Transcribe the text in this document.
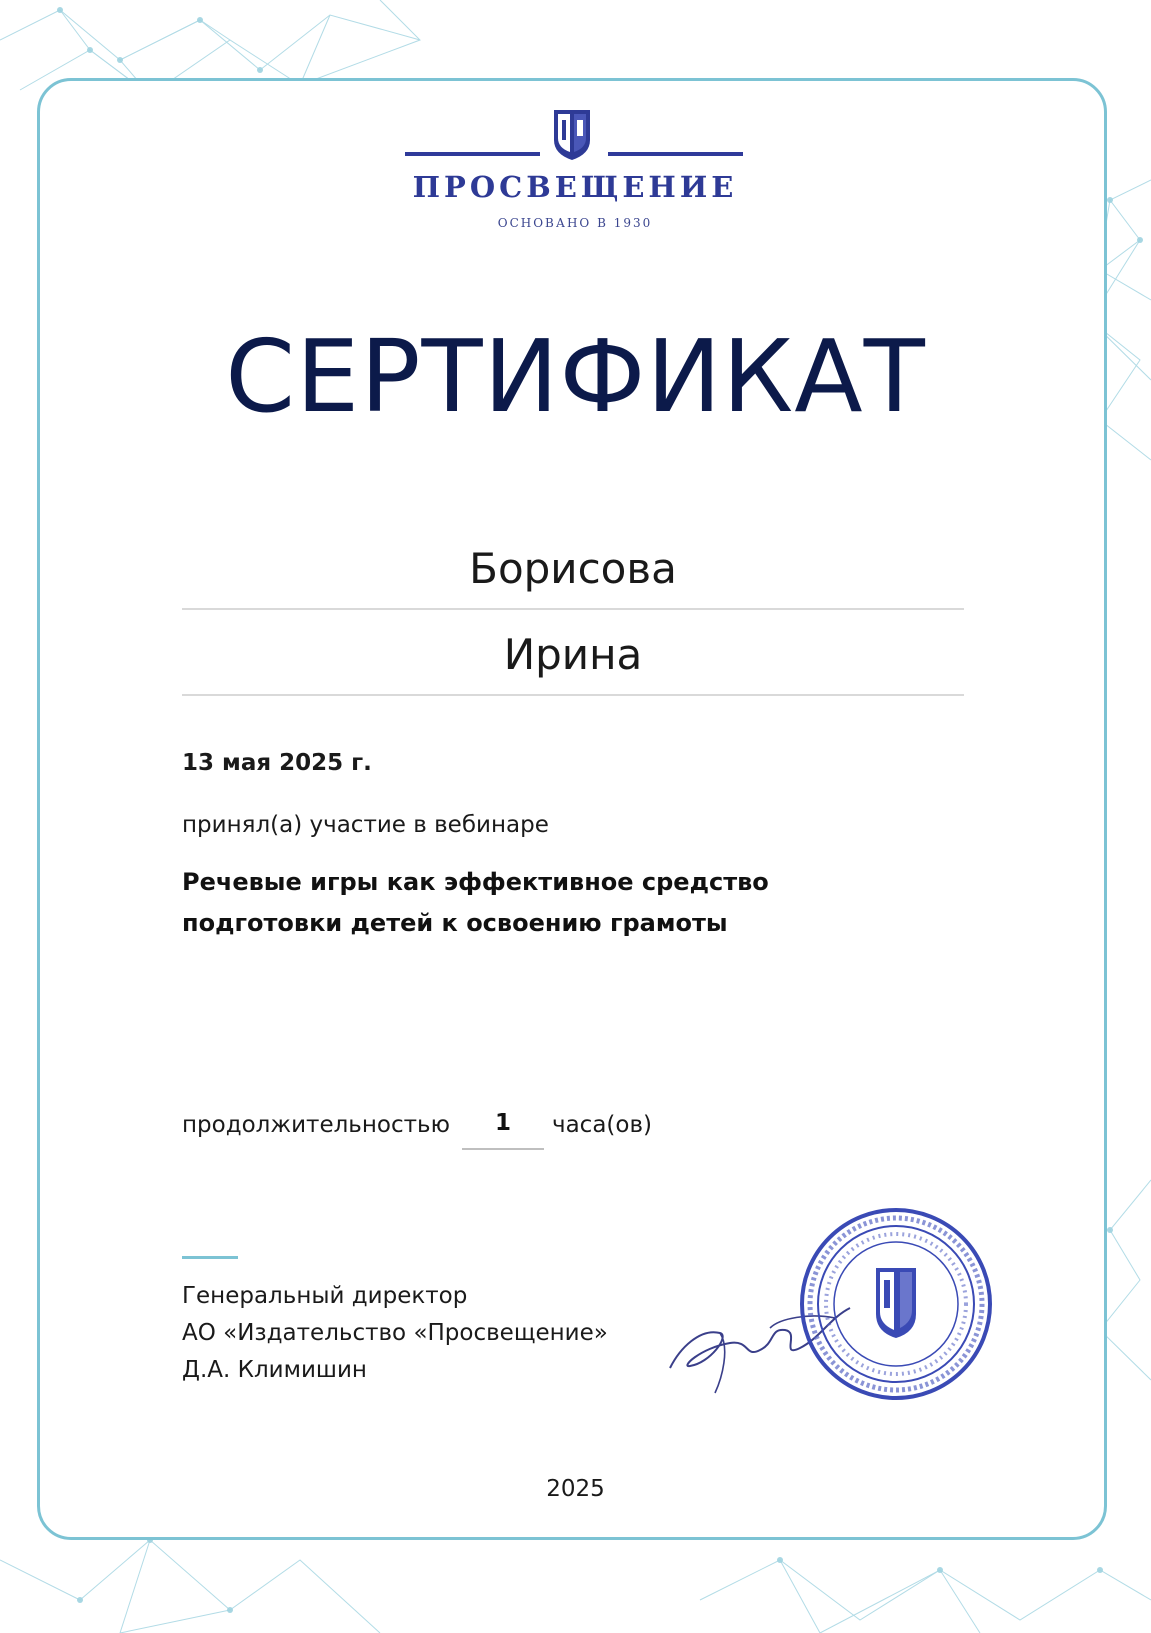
ПРОСВЕЩЕНИЕ
ОСНОВАНО В 1930
СЕРТИФИКАТ
Борисова
Ирина
13 мая 2025 г.
принял(а) участие в вебинаре
Речевые игры как эффективное средство
подготовки детей к освоению грамоты
продолжительностью	1	часа(ов)
Генеральный директор
АО «Издательство «Просвещение»
Д.А. Климишин
2025
